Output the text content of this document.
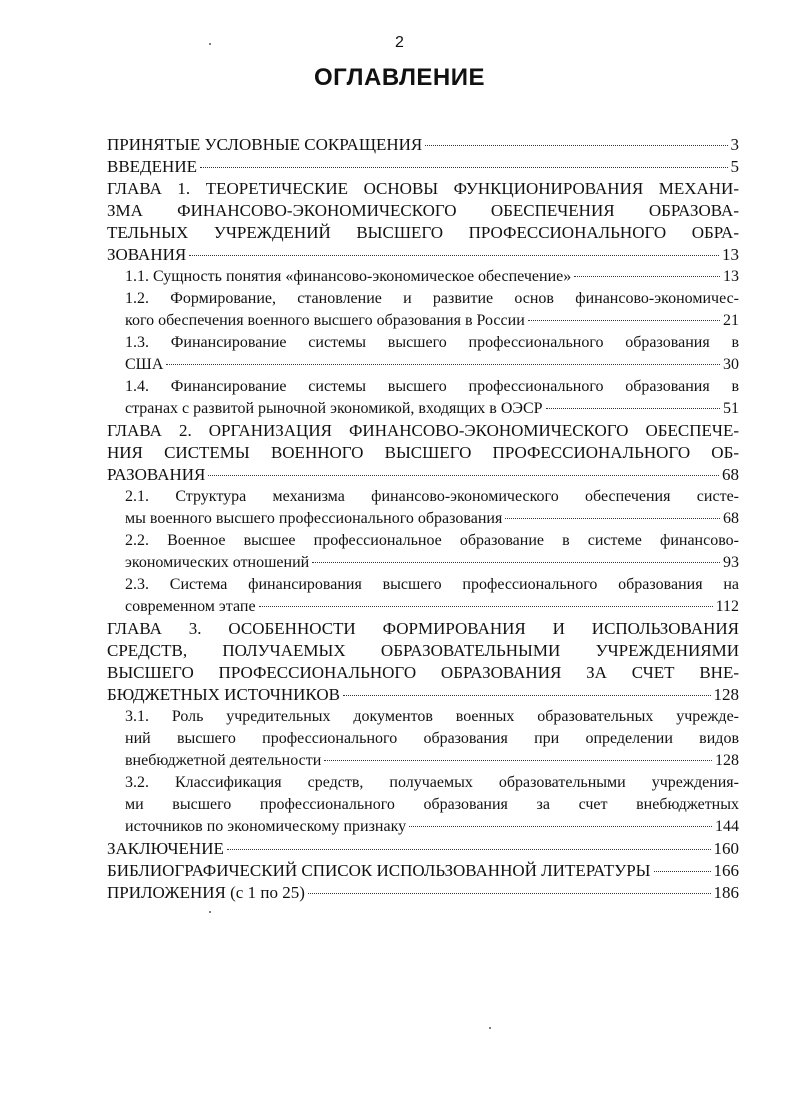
2
ОГЛАВЛЕНИЕ
ПРИНЯТЫЕ УСЛОВНЫЕ СОКРАЩЕНИЯ	3
ВВЕДЕНИЕ	5
ГЛАВА 1. ТЕОРЕТИЧЕСКИЕ ОСНОВЫ ФУНКЦИОНИРОВАНИЯ МЕХАНИ-
ЗМА ФИНАНСОВО-ЭКОНОМИЧЕСКОГО ОБЕСПЕЧЕНИЯ ОБРАЗОВА-
ТЕЛЬНЫХ УЧРЕЖДЕНИЙ ВЫСШЕГО ПРОФЕССИОНАЛЬНОГО ОБРА-
ЗОВАНИЯ	13
1.1. Сущность понятия «финансово-экономическое обеспечение»	13
1.2. Формирование, становление и развитие основ финансово-экономичес-
кого обеспечения военного высшего образования в России	21
1.3. Финансирование системы высшего профессионального образования в
США	30
1.4. Финансирование системы высшего профессионального образования в
странах с развитой рыночной экономикой, входящих в ОЭСР	51
ГЛАВА 2. ОРГАНИЗАЦИЯ ФИНАНСОВО-ЭКОНОМИЧЕСКОГО ОБЕСПЕЧЕ-
НИЯ СИСТЕМЫ ВОЕННОГО ВЫСШЕГО ПРОФЕССИОНАЛЬНОГО ОБ-
РАЗОВАНИЯ	68
2.1. Структура механизма финансово-экономического обеспечения систе-
мы военного высшего профессионального образования	68
2.2. Военное высшее профессиональное образование в системе финансово-
экономических отношений	93
2.3. Система финансирования высшего профессионального образования на
современном этапе	112
ГЛАВА 3. ОСОБЕННОСТИ ФОРМИРОВАНИЯ И ИСПОЛЬЗОВАНИЯ
СРЕДСТВ, ПОЛУЧАЕМЫХ ОБРАЗОВАТЕЛЬНЫМИ УЧРЕЖДЕНИЯМИ
ВЫСШЕГО ПРОФЕССИОНАЛЬНОГО ОБРАЗОВАНИЯ ЗА СЧЕТ ВНЕ-
БЮДЖЕТНЫХ ИСТОЧНИКОВ	128
3.1. Роль учредительных документов военных образовательных учрежде-
ний высшего профессионального образования при определении видов
внебюджетной деятельности	128
3.2. Классификация средств, получаемых образовательными учреждения-
ми высшего профессионального образования за счет внебюджетных
источников по экономическому признаку	144
ЗАКЛЮЧЕНИЕ	160
БИБЛИОГРАФИЧЕСКИЙ СПИСОК ИСПОЛЬЗОВАННОЙ ЛИТЕРАТУРЫ	166
ПРИЛОЖЕНИЯ (с 1 по 25)	186
